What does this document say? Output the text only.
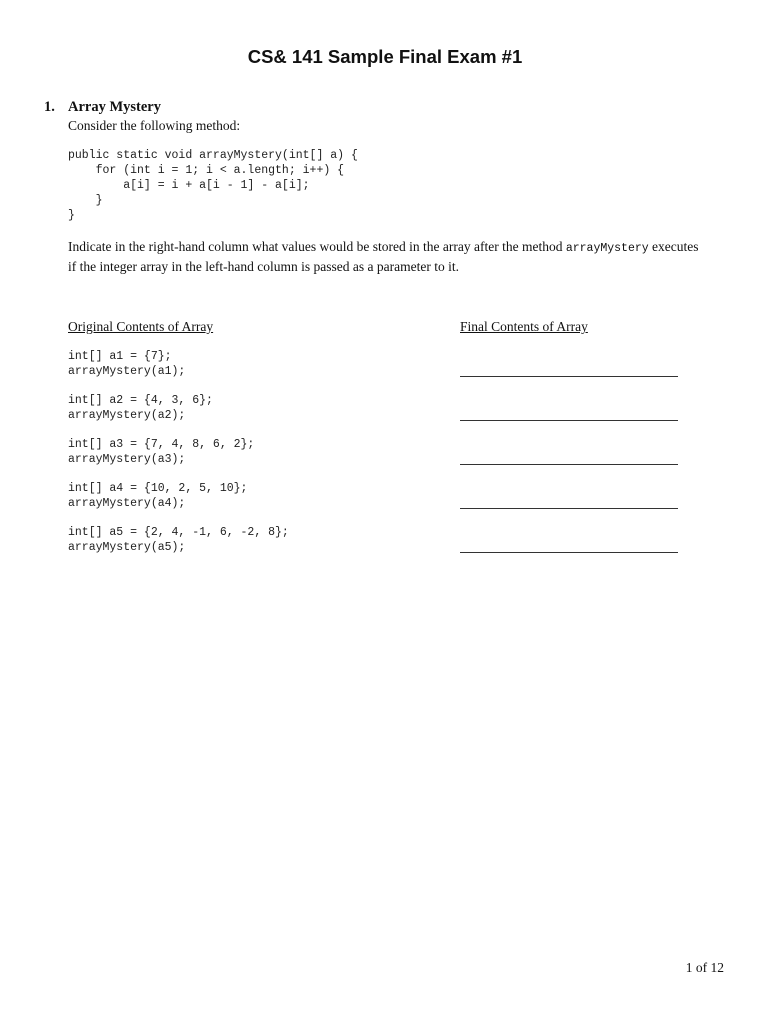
CS& 141 Sample Final Exam #1
1. Array Mystery
Consider the following method:
public static void arrayMystery(int[] a) {
for (int i = 1; i < a.length; i++) {
a[i] = i + a[i - 1] - a[i];
}
}
Indicate in the right-hand column what values would be stored in the array after the method arrayMystery executes
if the integer array in the left-hand column is passed as a parameter to it.
Original Contents of Array	Final Contents of Array
int[] a1 = {7};
arrayMystery(a1);
int[] a2 = {4, 3, 6};
arrayMystery(a2);
int[] a3 = {7, 4, 8, 6, 2};
arrayMystery(a3);
int[] a4 = {10, 2, 5, 10};
arrayMystery(a4);
int[] a5 = {2, 4, -1, 6, -2, 8};
arrayMystery(a5);
1 of 12
